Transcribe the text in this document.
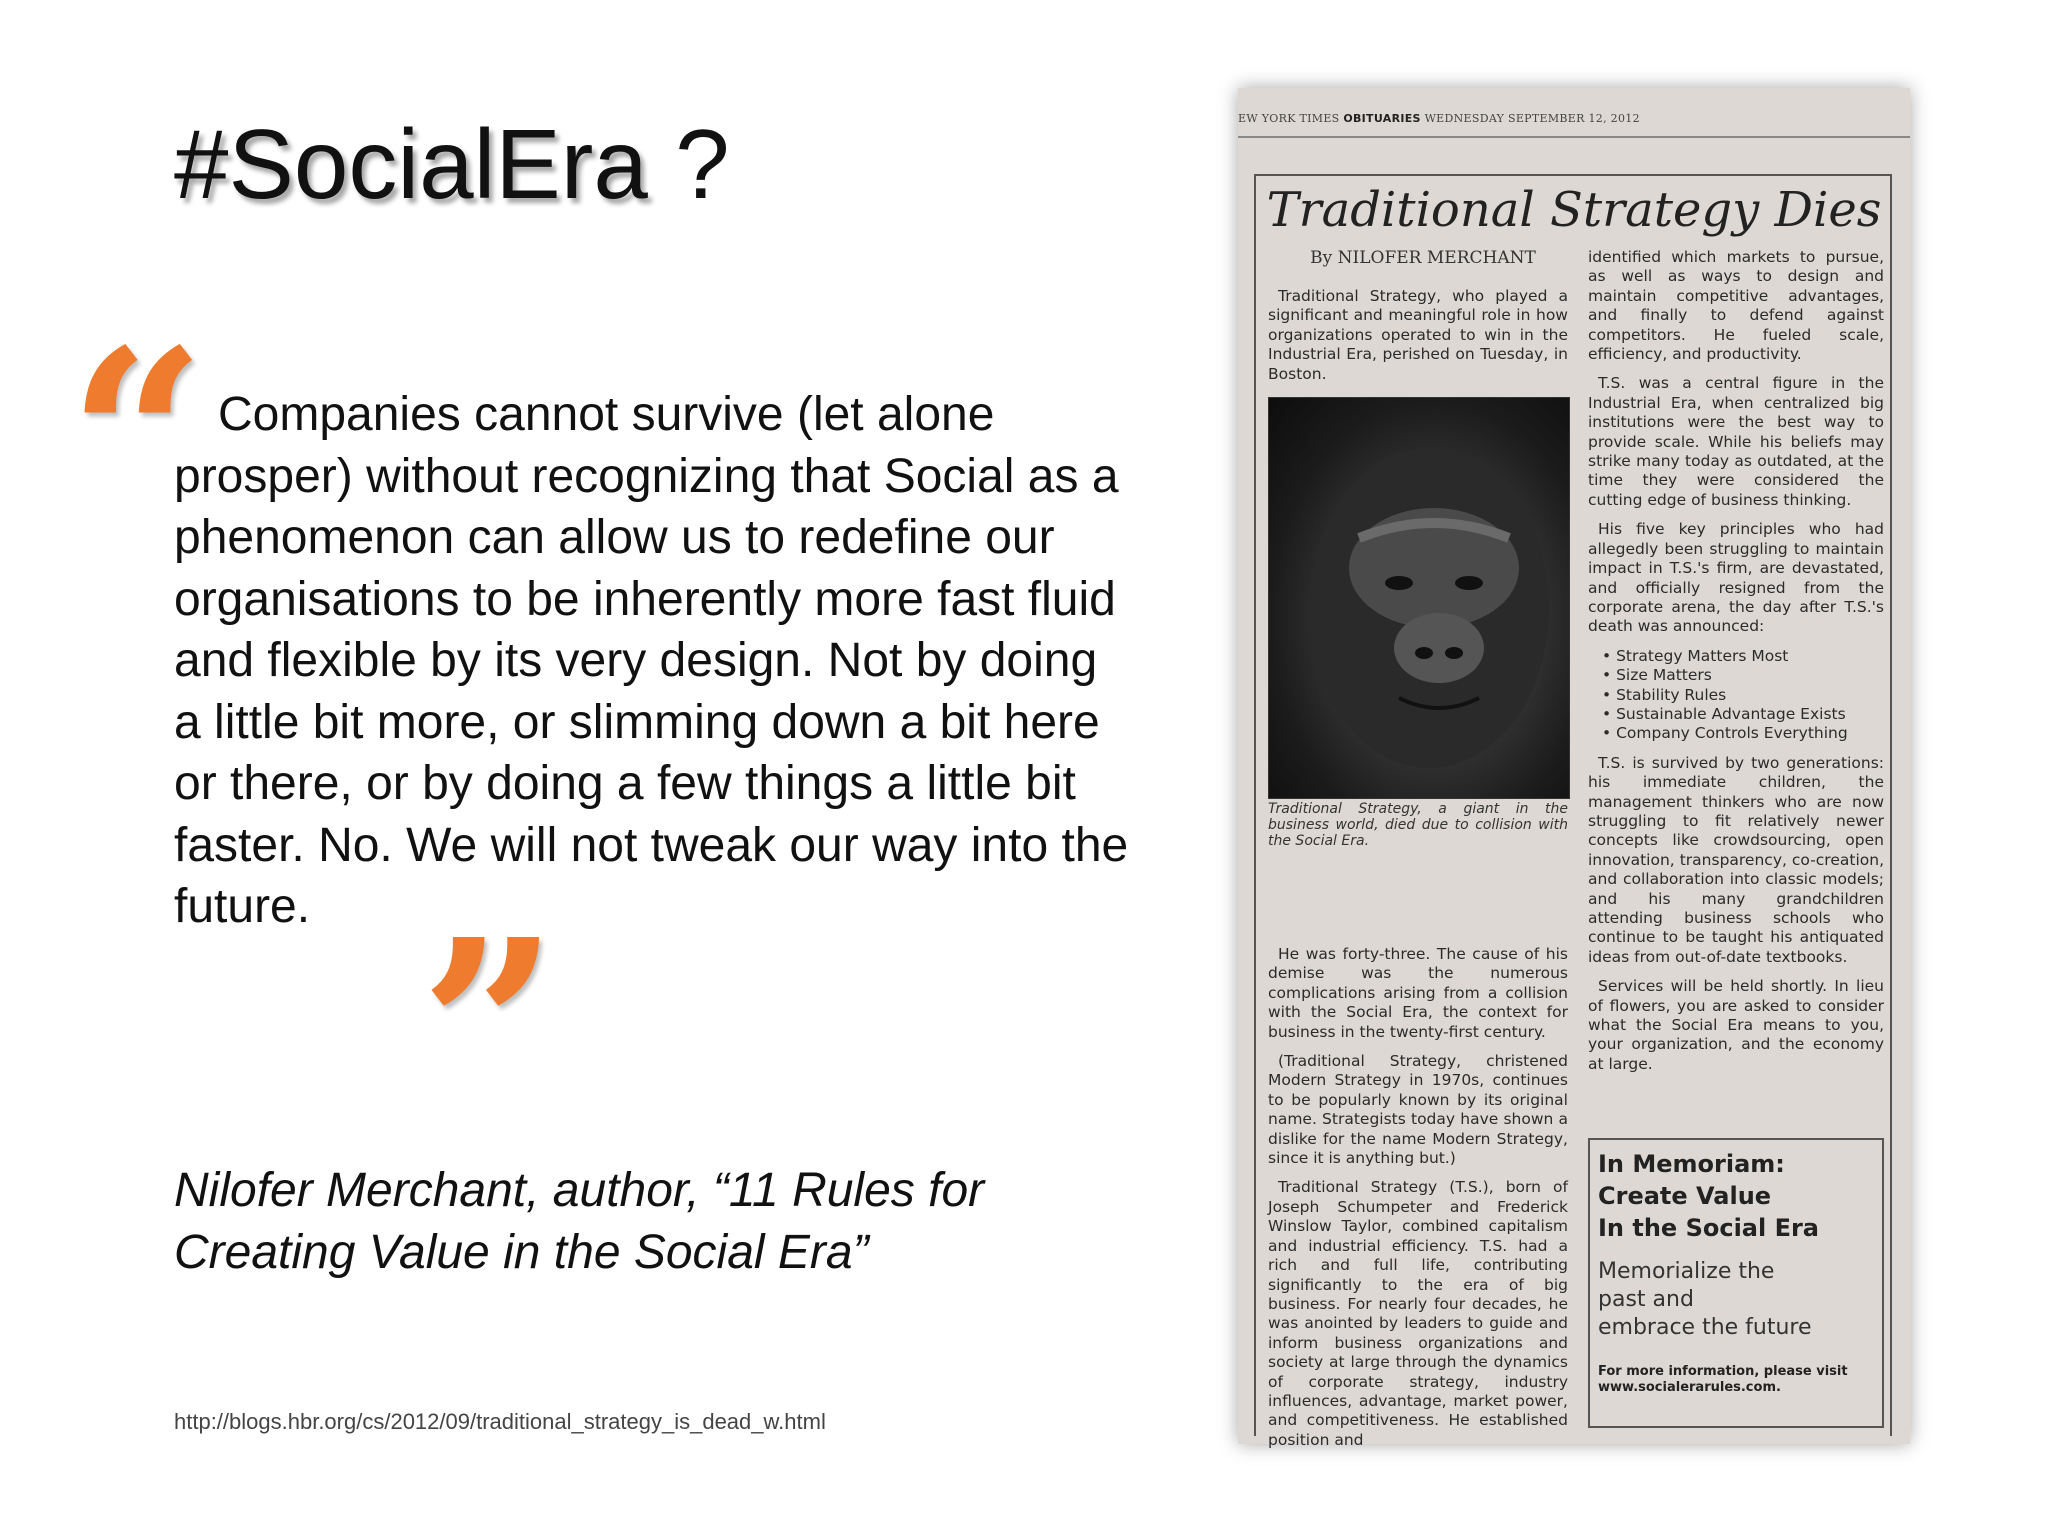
#SocialEra ?
“ Companies cannot survive (let alone prosper) without recognizing that Social as a phenomenon can allow us to redefine our organisations to be inherently more fast fluid and flexible by its very design. Not by doing a little bit more, or slimming down a bit here or there, or by doing a few things a little bit faster. No. We will not tweak our way into the future. ”
Nilofer Merchant, author, “11 Rules for Creating Value in the Social Era”
http://blogs.hbr.org/cs/2012/09/traditional_strategy_is_dead_w.html
EW YORK TIMES OBITUARIES WEDNESDAY SEPTEMBER 12, 2012
Traditional Strategy Dies
By NILOFER MERCHANT

Traditional Strategy, who played a significant and meaningful role in how organizations operated to win in the Industrial Era, perished on Tuesday, in Boston.

Traditional Strategy, a giant in the business world, died due to collision with the Social Era.

He was forty-three. The cause of his demise was the numerous complications arising from a collision with the Social Era, the context for business in the twenty-first century.

(Traditional Strategy, christened Modern Strategy in 1970s, continues to be popularly known by its original name. Strategists today have shown a dislike for the name Modern Strategy, since it is anything but.)

Traditional Strategy (T.S.), born of Joseph Schumpeter and Frederick Winslow Taylor, combined capitalism and industrial efficiency. T.S. had a rich and full life, contributing significantly to the era of big business. For nearly four decades, he was anointed by leaders to guide and inform business organizations and society at large through the dynamics of corporate strategy, industry influences, advantage, market power, and competitiveness. He established position and

identified which markets to pursue, as well as ways to design and maintain competitive advantages, and finally to defend against competitors. He fueled scale, efficiency, and productivity.

T.S. was a central figure in the Industrial Era, when centralized big institutions were the best way to provide scale. While his beliefs may strike many today as outdated, at the time they were considered the cutting edge of business thinking.

His five key principles who had allegedly been struggling to maintain impact in T.S.'s firm, are devastated, and officially resigned from the corporate arena, the day after T.S.'s death was announced:

• Strategy Matters Most
• Size Matters
• Stability Rules
• Sustainable Advantage Exists
• Company Controls Everything

T.S. is survived by two generations: his immediate children, the management thinkers who are now struggling to fit relatively newer concepts like crowdsourcing, open innovation, transparency, co-creation, and collaboration into classic models; and his many grandchildren attending business schools who continue to be taught his antiquated ideas from out-of-date textbooks.

Services will be held shortly. In lieu of flowers, you are asked to consider what the Social Era means to you, your organization, and the economy at large.

In Memoriam:
Create Value
In the Social Era
Memorialize the
past and
embrace the future
For more information, please visit
www.socialerarules.com.
